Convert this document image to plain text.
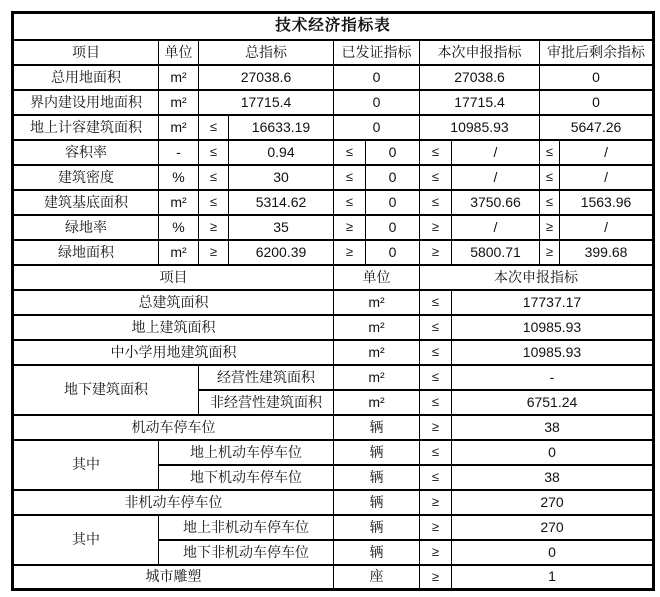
技术经济指标表									
项目	单位	总指标		已发证指标		本次申报指标		审批后剩余指标	
总用地面积	m²	27038.6		0		27038.6		0	
界内建设用地面积	m²	17715.4		0		17715.4		0	
地上计容建筑面积	m²	≤	16633.19	0		10985.93		5647.26	
容积率	-	≤	0.94	≤	0	≤	/	≤	/
建筑密度	%	≤	30	≤	0	≤	/	≤	/
建筑基底面积	m²	≤	5314.62	≤	0	≤	3750.66	≤	1563.96
绿地率	%	≥	35	≥	0	≥	/	≥	/
绿地面积	m²	≥	6200.39	≥	0	≥	5800.71	≥	399.68
项目				单位		本次申报指标			
总建筑面积				m²		≤	17737.17		
地上建筑面积				m²		≤	10985.93		
中小学用地建筑面积				m²		≤	10985.93		
地下建筑面积		经营性建筑面积		m²		≤	-		
		非经营性建筑面积		m²		≤	6751.24		
机动车停车位				辆		≥	38		
其中	地上机动车停车位			辆		≤	0		
	地下机动车停车位			辆		≤	38		
非机动车停车位				辆		≥	270		
其中	地上非机动车停车位			辆		≥	270		
	地下非机动车停车位			辆		≥	0		
城市雕塑				座		≥	1		
